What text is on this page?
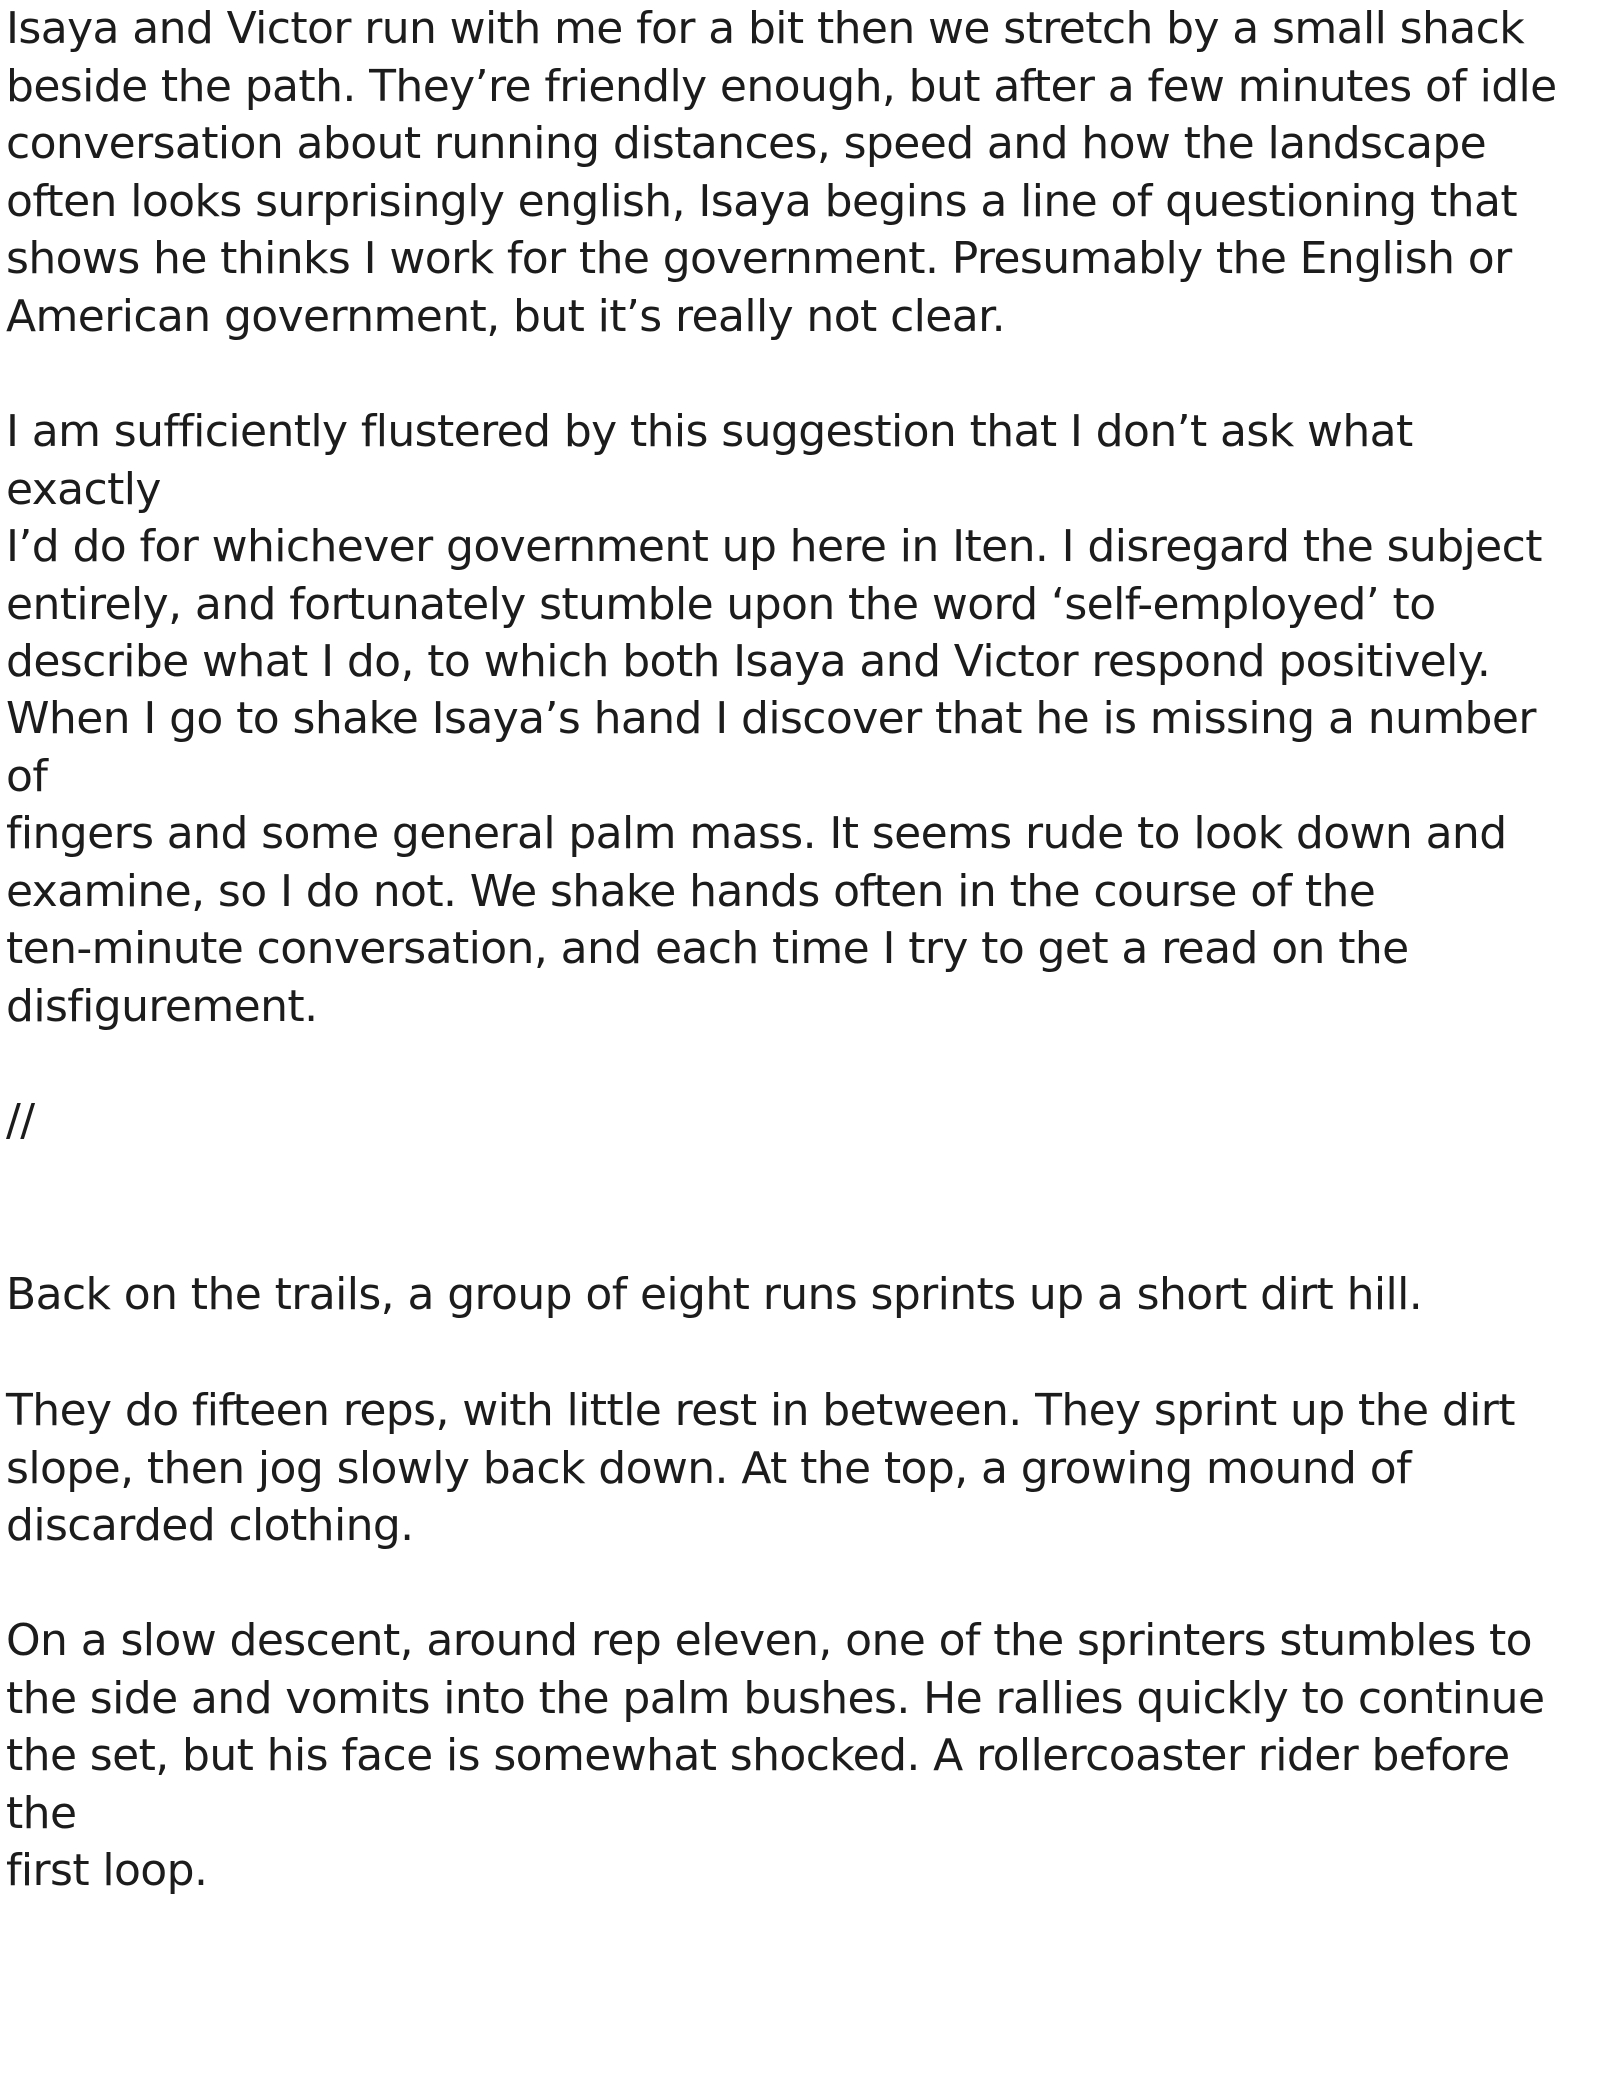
Isaya and Victor run with me for a bit then we stretch by a small shack
beside the path. They’re friendly enough, but after a few minutes of idle
conversation about running distances, speed and how the landscape
often looks surprisingly english, Isaya begins a line of questioning that
shows he thinks I work for the government. Presumably the English or
American government, but it’s really not clear.

I am sufficiently flustered by this suggestion that I don’t ask what exactly
I’d do for whichever government up here in Iten. I disregard the subject
entirely, and fortunately stumble upon the word ‘self-employed’ to
describe what I do, to which both Isaya and Victor respond positively.

When I go to shake Isaya’s hand I discover that he is missing a number of
fingers and some general palm mass. It seems rude to look down and
examine, so I do not. We shake hands often in the course of the
ten-minute conversation, and each time I try to get a read on the
disfigurement.

//

Back on the trails, a group of eight runs sprints up a short dirt hill.

They do fifteen reps, with little rest in between. They sprint up the dirt
slope, then jog slowly back down. At the top, a growing mound of
discarded clothing.

On a slow descent, around rep eleven, one of the sprinters stumbles to
the side and vomits into the palm bushes. He rallies quickly to continue
the set, but his face is somewhat shocked. A rollercoaster rider before the
first loop.
